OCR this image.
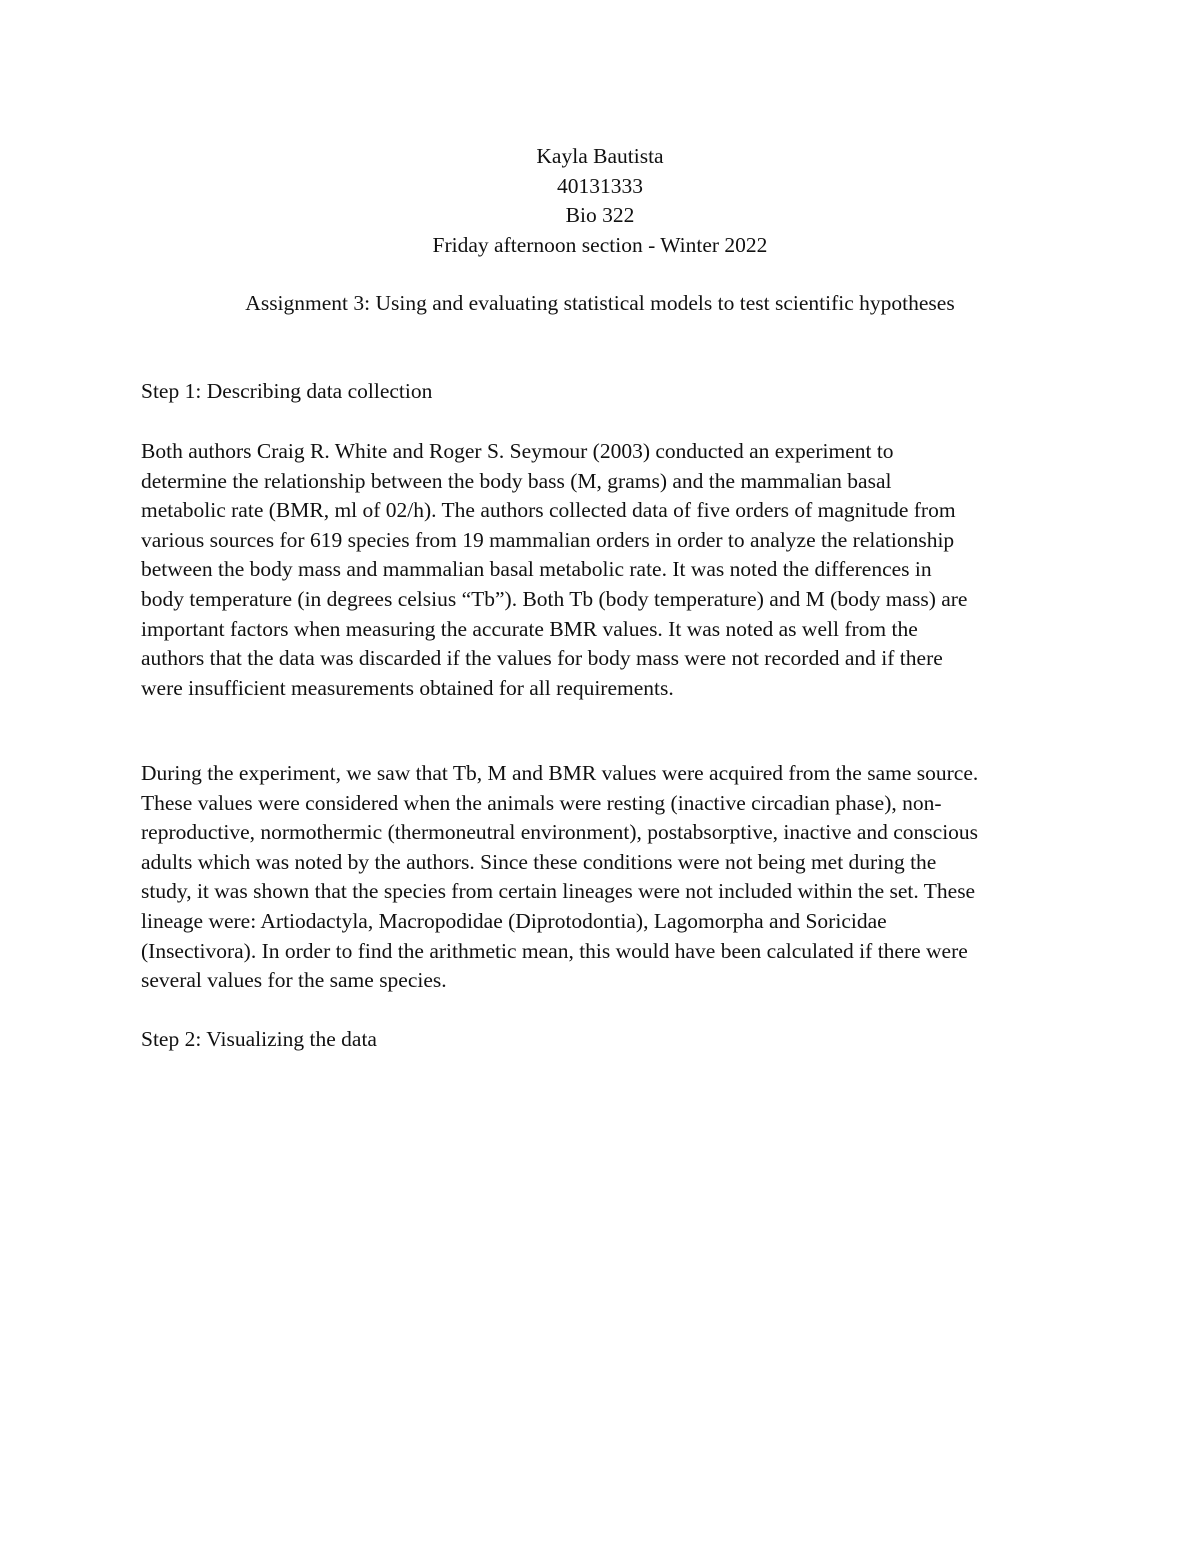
Kayla Bautista
40131333
Bio 322
Friday afternoon section - Winter 2022
Assignment 3: Using and evaluating statistical models to test scientific hypotheses
Step 1: Describing data collection
Both authors Craig R. White and Roger S. Seymour (2003) conducted an experiment to
determine the relationship between the body bass (M, grams) and the mammalian basal
metabolic rate (BMR, ml of 02/h). The authors collected data of five orders of magnitude from
various sources for 619 species from 19 mammalian orders in order to analyze the relationship
between the body mass and mammalian basal metabolic rate. It was noted the differences in
body temperature (in degrees celsius “Tb”). Both Tb (body temperature) and M (body mass) are
important factors when measuring the accurate BMR values. It was noted as well from the
authors that the data was discarded if the values for body mass were not recorded and if there
were insufficient measurements obtained for all requirements.
During the experiment, we saw that Tb, M and BMR values were acquired from the same source.
These values were considered when the animals were resting (inactive circadian phase), non-
reproductive, normothermic (thermoneutral environment), postabsorptive, inactive and conscious
adults which was noted by the authors. Since these conditions were not being met during the
study, it was shown that the species from certain lineages were not included within the set. These
lineage were: Artiodactyla, Macropodidae (Diprotodontia), Lagomorpha and Soricidae
(Insectivora). In order to find the arithmetic mean, this would have been calculated if there were
several values for the same species.
Step 2: Visualizing the data
